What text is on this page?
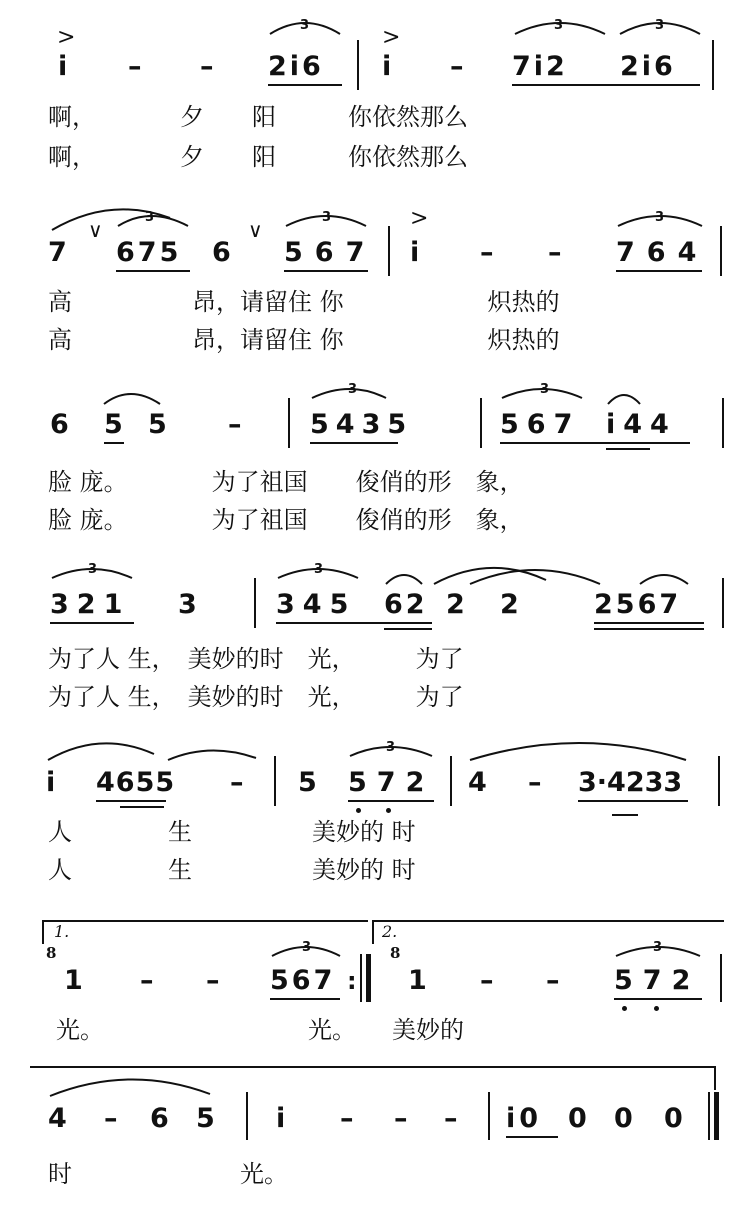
>	>
i – – 2i6 i – 7i2 2i6
3	3	3
啊，　　　　夕　　阳　　　你依然那么
啊，　　　　夕　　阳　　　你依然那么
7
∨
675 6
∨
567
>
i – – 764
3	3	3
高　　　　　昂，请留住 你　　　　　　炽热的
高　　　　　昂，请留住 你　　　　　　炽热的
6 5 5 –	5435	567 i44
3	3
脸 庞。　　　　为了祖国　　俊俏的形　象，
脸 庞。　　　　为了祖国　　俊俏的形　象，
321 3	345 62 2 2	2567
3	3
为了人 生，　美妙的时　光，　　　为了
为了人 生，　美妙的时　光，　　　为了
i 4655 – 5 572 4 – 3·4233
3
人　　　　生　　　　　美妙的 时
人　　　　生　　　　　美妙的 时
1.	2.
8
1 – – 567 :
8
1 – – 572
3	3
光。　　　　　　　　　光。　　美妙的
4 – 6 5 i – – – i0 0 0 0
时　　　　　　　光。
